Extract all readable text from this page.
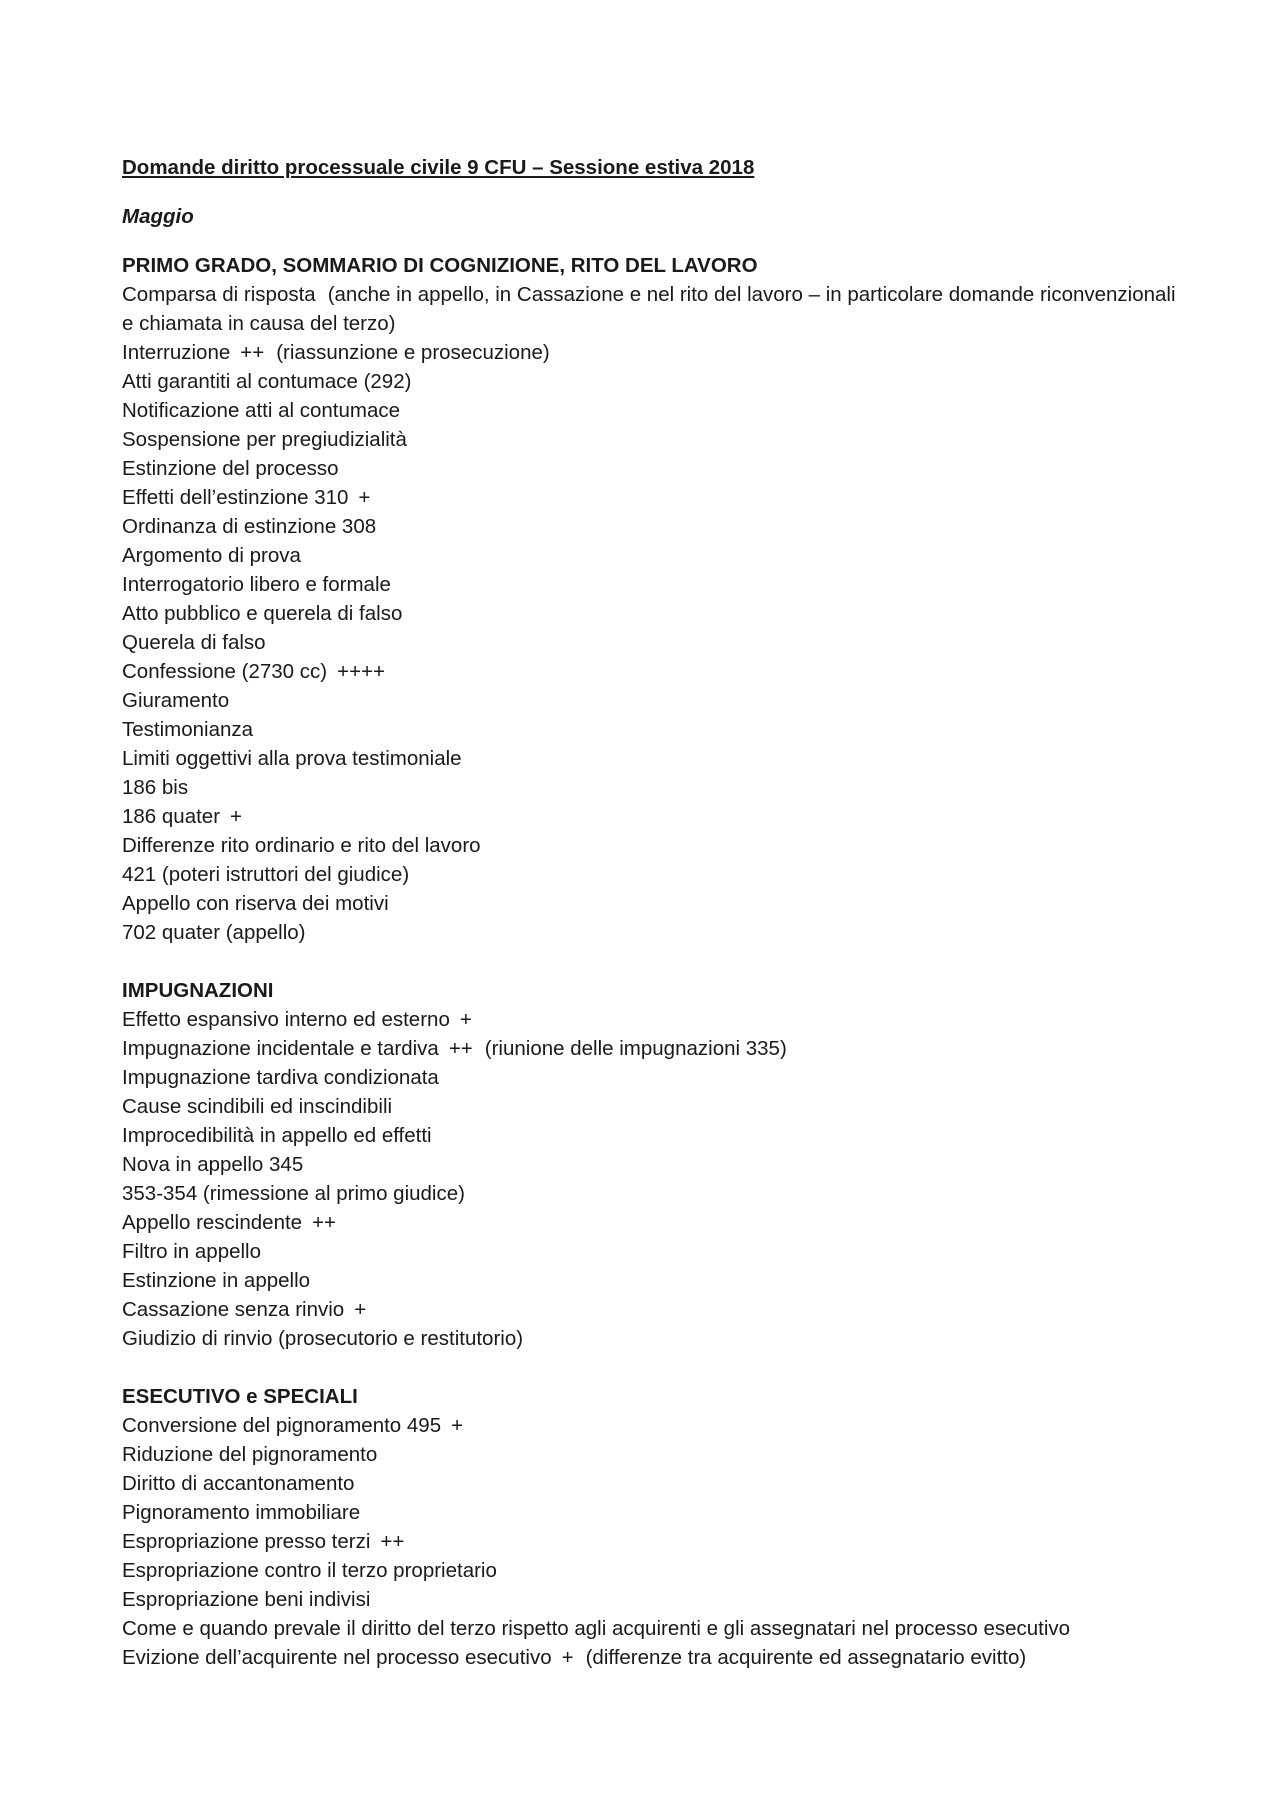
Domande diritto processuale civile 9 CFU – Sessione estiva 2018
Maggio
PRIMO GRADO, SOMMARIO DI COGNIZIONE, RITO DEL LAVORO
Comparsa di risposta (anche in appello, in Cassazione e nel rito del lavoro – in particolare domande riconvenzionali e chiamata in causa del terzo)
Interruzione ++ (riassunzione e prosecuzione)
Atti garantiti al contumace (292)
Notificazione atti al contumace
Sospensione per pregiudizialità
Estinzione del processo
Effetti dell’estinzione 310 +
Ordinanza di estinzione 308
Argomento di prova
Interrogatorio libero e formale
Atto pubblico e querela di falso
Querela di falso
Confessione (2730 cc) ++++
Giuramento
Testimonianza
Limiti oggettivi alla prova testimoniale
186 bis
186 quater +
Differenze rito ordinario e rito del lavoro
421 (poteri istruttori del giudice)
Appello con riserva dei motivi
702 quater (appello)
IMPUGNAZIONI
Effetto espansivo interno ed esterno +
Impugnazione incidentale e tardiva ++ (riunione delle impugnazioni 335)
Impugnazione tardiva condizionata
Cause scindibili ed inscindibili
Improcedibilità in appello ed effetti
Nova in appello 345
353-354 (rimessione al primo giudice)
Appello rescindente ++
Filtro in appello
Estinzione in appello
Cassazione senza rinvio +
Giudizio di rinvio (prosecutorio e restitutorio)
ESECUTIVO e SPECIALI
Conversione del pignoramento 495 +
Riduzione del pignoramento
Diritto di accantonamento
Pignoramento immobiliare
Espropriazione presso terzi ++
Espropriazione contro il terzo proprietario
Espropriazione beni indivisi
Come e quando prevale il diritto del terzo rispetto agli acquirenti e gli assegnatari nel processo esecutivo
Evizione dell’acquirente nel processo esecutivo + (differenze tra acquirente ed assegnatario evitto)
